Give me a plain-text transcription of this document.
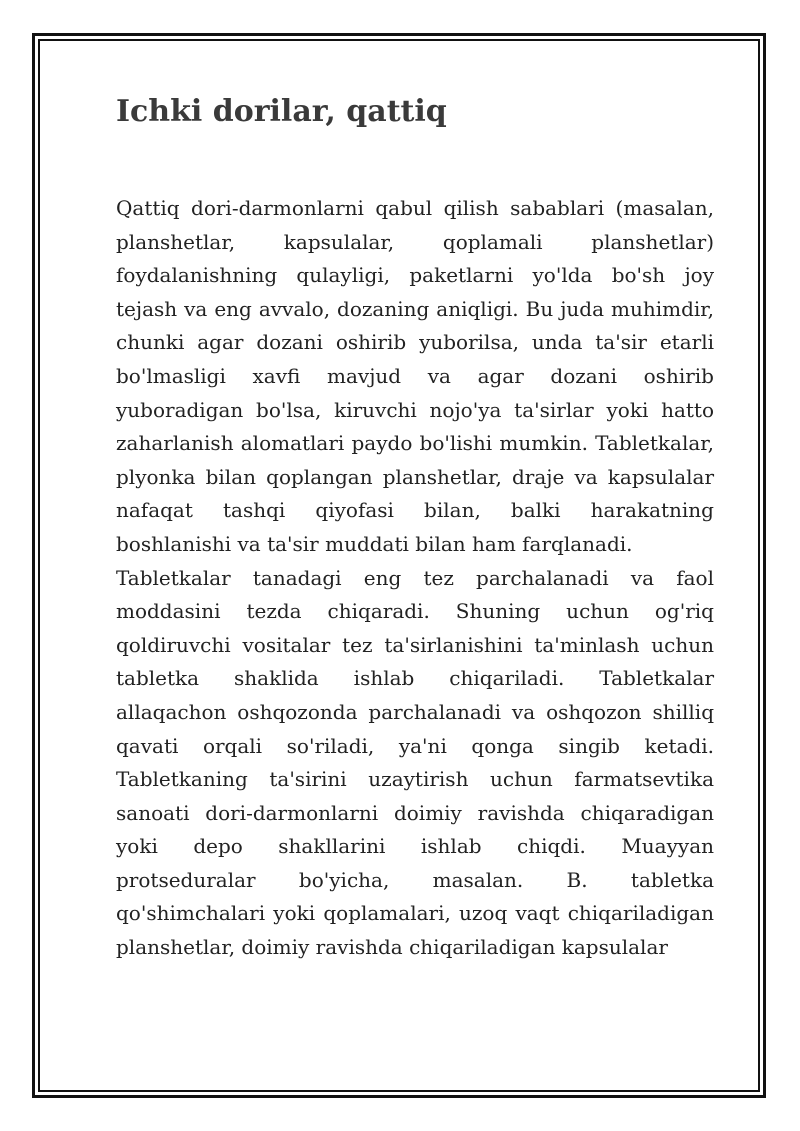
Ichki dorilar, qattiq

Qattiq dori-darmonlarni qabul qilish sabablari (masalan, planshetlar, kapsulalar, qoplamali planshetlar) foydalanishning qulayligi, paketlarni yo'lda bo'sh joy tejash va eng avvalo, dozaning aniqligi. Bu juda muhimdir, chunki agar dozani oshirib yuborilsa, unda ta'sir etarli bo'lmasligi xavfi mavjud va agar dozani oshirib yuboradigan bo'lsa, kiruvchi nojo'ya ta'sirlar yoki hatto zaharlanish alomatlari paydo bo'lishi mumkin. Tabletkalar, plyonka bilan qoplangan planshetlar, draje va kapsulalar nafaqat tashqi qiyofasi bilan, balki harakatning boshlanishi va ta'sir muddati bilan ham farqlanadi.

Tabletkalar tanadagi eng tez parchalanadi va faol moddasini tezda chiqaradi. Shuning uchun og'riq qoldiruvchi vositalar tez ta'sirlanishini ta'minlash uchun tabletka shaklida ishlab chiqariladi. Tabletkalar allaqachon oshqozonda parchalanadi va oshqozon shilliq qavati orqali so'riladi, ya'ni qonga singib ketadi. Tabletkaning ta'sirini uzaytirish uchun farmatsevtika sanoati dori-darmonlarni doimiy ravishda chiqaradigan yoki depo shakllarini ishlab chiqdi. Muayyan protseduralar bo'yicha, masalan. B. tabletka qo'shimchalari yoki qoplamalari, uzoq vaqt chiqariladigan planshetlar, doimiy ravishda chiqariladigan kapsulalar
